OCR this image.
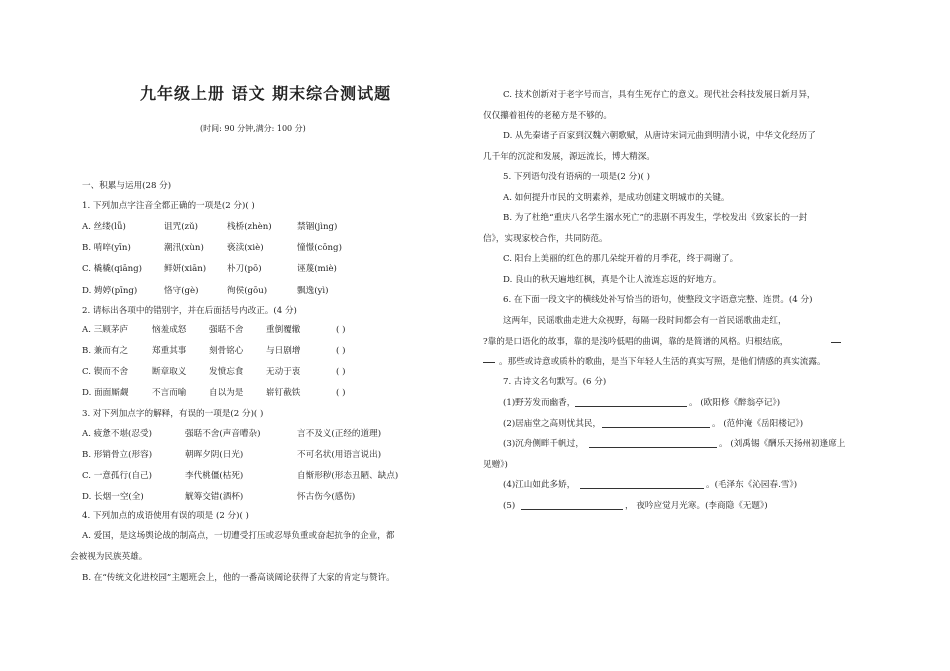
九年级上册 语文 期末综合测试题
(时间: 90 分钟,满分: 100 分)
一、积累与运用(28 分)
1. 下列加点字注音全都正确的一项是(2 分)( )
A. 丝缕(lǚ)	诅咒(zǔ)	栈桥(zhèn)	禁锢(jìng)
B. 啃啐(yīn)	潮汛(xùn)	亵渎(xiè)	憧憬(cōng)
C. 橇橇(qiāng)	鲜妍(xiān) 朴刀(pō)	诬蔑(miè)
D. 娉婷(pīng)	恪守(gè)	徇侯(gōu)	飘逸(yì)
2. 请标出各项中的错别字，并在后面括号内改正。(4 分)
A. 三顾茅庐	恼羞成怒	强聒不舍	重倒覆辙	( )
B. 兼而有之	郑重其事	刻骨铭心	与日剧增	( )
C. 锲而不舍	断章取义	发愤忘食	无动于衷	( )
D. 面面厮觑	不言而喻	自以为是	崭钉截铁	( )
3. 对下列加点字的解释，有误的一项是(2 分)( )
A. 疲惫不堪(忍受)	强聒不舍(声音嘈杂)	言不及义(正经的道理)
B. 形销骨立(形容)	朝晖夕阴(日光)	不可名状(用语言说出)
C. 一意孤行(自己)	李代桃僵(枯死)	自惭形秽(形态丑陋、缺点)
D. 长烟一空(全)	觥筹交错(酒杯)	怀古伤今(感伤)
4. 下列加点的成语使用有误的项是 (2 分)( )
A. 爱国，是这场舆论战的制高点，一切遭受打压或忍辱负重或奋起抗争的企业，都
会被视为民族英雄。
B. 在“传统文化进校园”主题班会上，他的一番高谈阔论获得了大家的肯定与赞许。
C. 技术创新对于老字号而言，具有生死存亡的意义。现代社会科技发展日新月异，
仅仅攥着祖传的老秘方是不够的。
D. 从先秦诸子百家到汉魏六朝歌赋，从唐诗宋词元曲到明清小说，中华文化经历了
几千年的沉淀和发展，源远流长，博大精深。
5. 下列语句没有语病的一项是(2 分)( )
A. 如何提升市民的文明素养，是成功创建文明城市的关键。
B. 为了杜绝“重庆八名学生溺水死亡”的悲剧不再发生，学校发出《致家长的一封
信》，实现家校合作，共同防范。
C. 阳台上美丽的红色的那几朵绽开着的月季花，终于凋谢了。
D. 良山的秋天遍地红枫，真是个让人流连忘返的好地方。
6. 在下面一段文字的横线处补写恰当的语句，使整段文字语意完整、连贯。(4 分)
这两年，民谣歌曲走进大众视野，每隔一段时间都会有一首民谣歌曲走红，
?靠的是口语化的故事，靠的是浅吟低唱的曲调，靠的是简谱的风格。归根结底，
。那些或诗意或质朴的歌曲，是当下年轻人生活的真实写照，是他们情感的真实流露。
7. 古诗文名句默写。(6 分)
(1)野芳发而幽香，	。 (欧阳修《醉翁亭记》)
(2)居庙堂之高则忧其民，	。 (范仲淹《岳阳楼记》)
(3)沉舟侧畔千帆过，	。 (刘禹锡《酬乐天扬州初逢席上
见赠》)
(4)江山如此多娇，	。(毛泽东《沁园春.雪》)
(5)	， 夜吟应觉月光寒。(李商隐《无题》)
